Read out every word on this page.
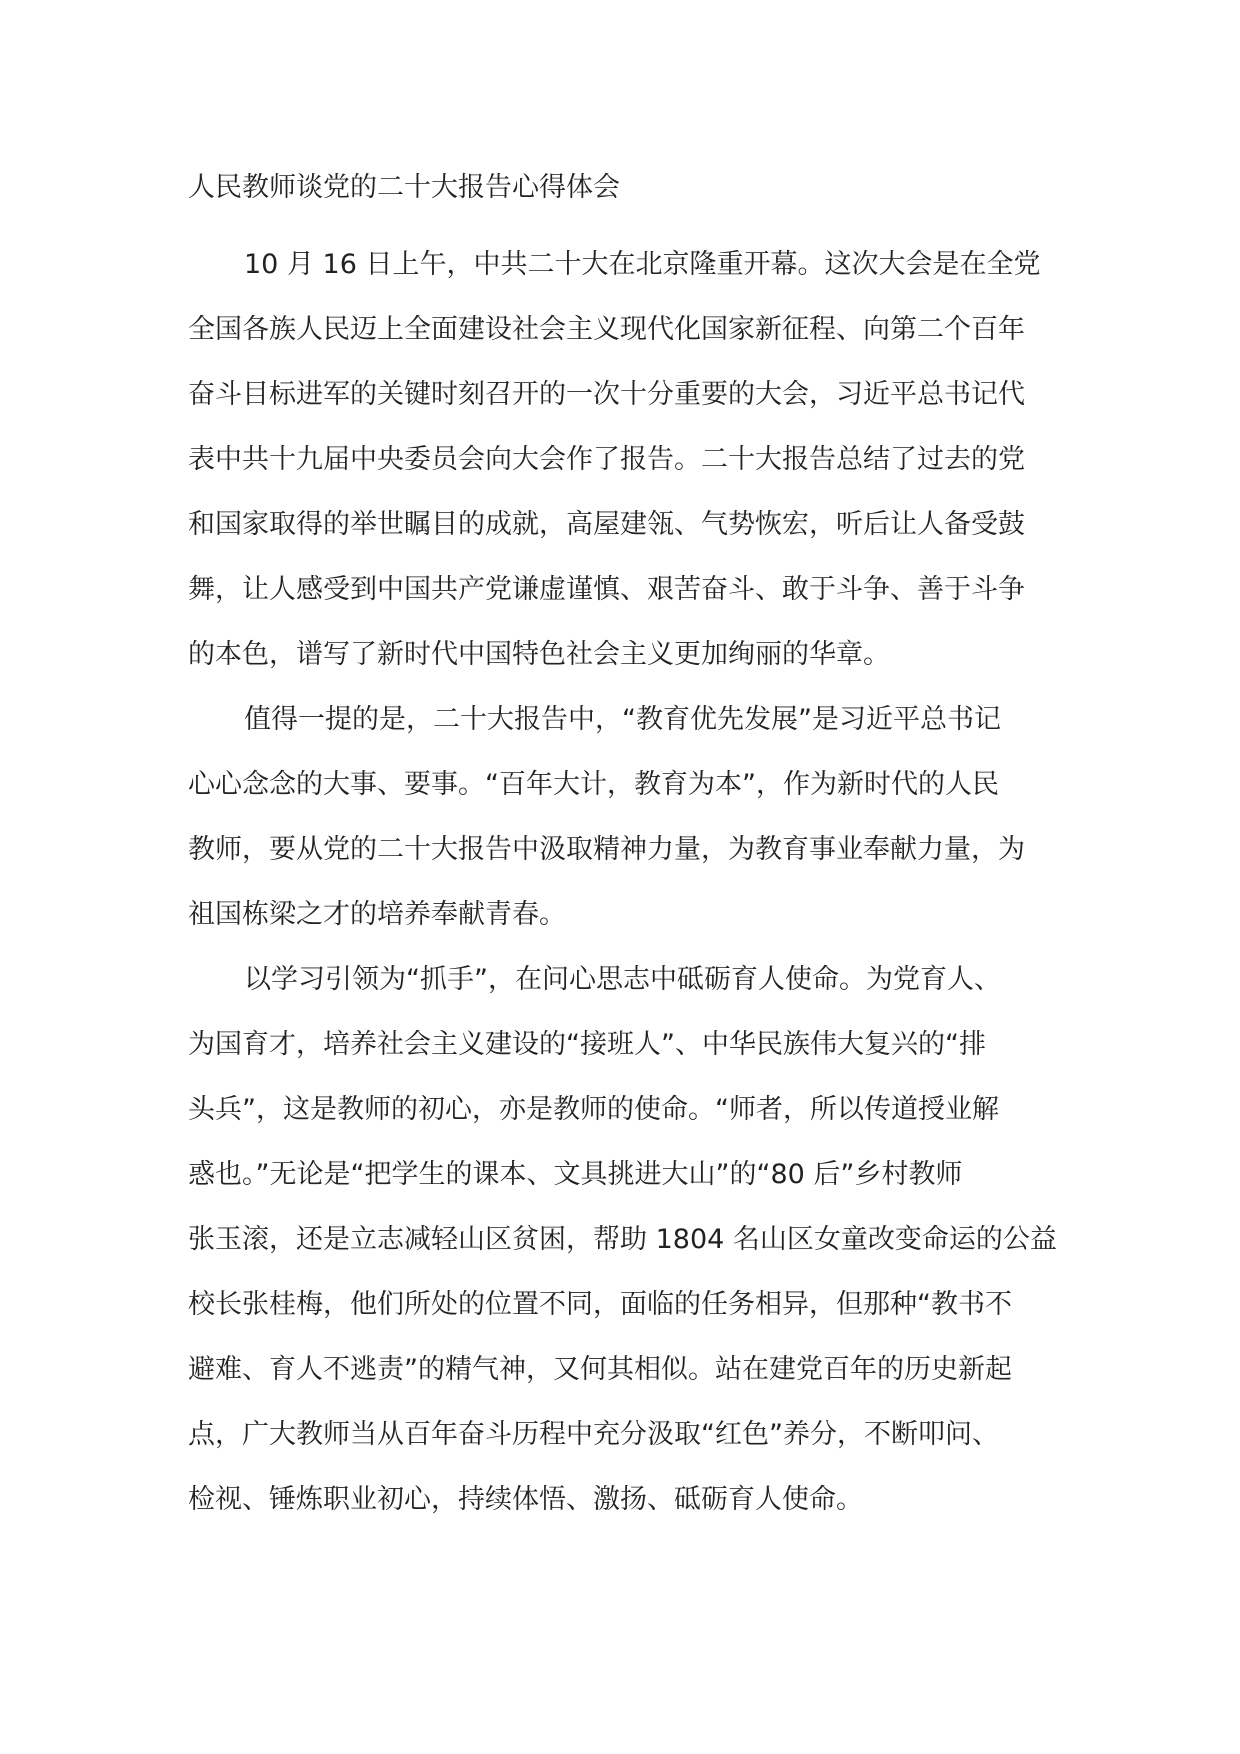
人民教师谈党的二十大报告心得体会
10 月 16 日上午，中共二十大在北京隆重开幕。这次大会是在全党
全国各族人民迈上全面建设社会主义现代化国家新征程、向第二个百年
奋斗目标进军的关键时刻召开的一次十分重要的大会，习近平总书记代
表中共十九届中央委员会向大会作了报告。二十大报告总结了过去的党
和国家取得的举世瞩目的成就，高屋建瓴、气势恢宏，听后让人备受鼓
舞，让人感受到中国共产党谦虚谨慎、艰苦奋斗、敢于斗争、善于斗争
的本色，谱写了新时代中国特色社会主义更加绚丽的华章。
值得一提的是，二十大报告中，“教育优先发展”是习近平总书记
心心念念的大事、要事。“百年大计，教育为本”，作为新时代的人民
教师，要从党的二十大报告中汲取精神力量，为教育事业奉献力量，为
祖国栋梁之才的培养奉献青春。
以学习引领为“抓手”，在问心思志中砥砺育人使命。为党育人、
为国育才，培养社会主义建设的“接班人”、中华民族伟大复兴的“排
头兵”，这是教师的初心，亦是教师的使命。“师者，所以传道授业解
惑也。”无论是“把学生的课本、文具挑进大山”的“80 后”乡村教师
张玉滚，还是立志减轻山区贫困，帮助 1804 名山区女童改变命运的公益
校长张桂梅，他们所处的位置不同，面临的任务相异，但那种“教书不
避难、育人不逃责”的精气神，又何其相似。站在建党百年的历史新起
点，广大教师当从百年奋斗历程中充分汲取“红色”养分，不断叩问、
检视、锤炼职业初心，持续体悟、激扬、砥砺育人使命。
